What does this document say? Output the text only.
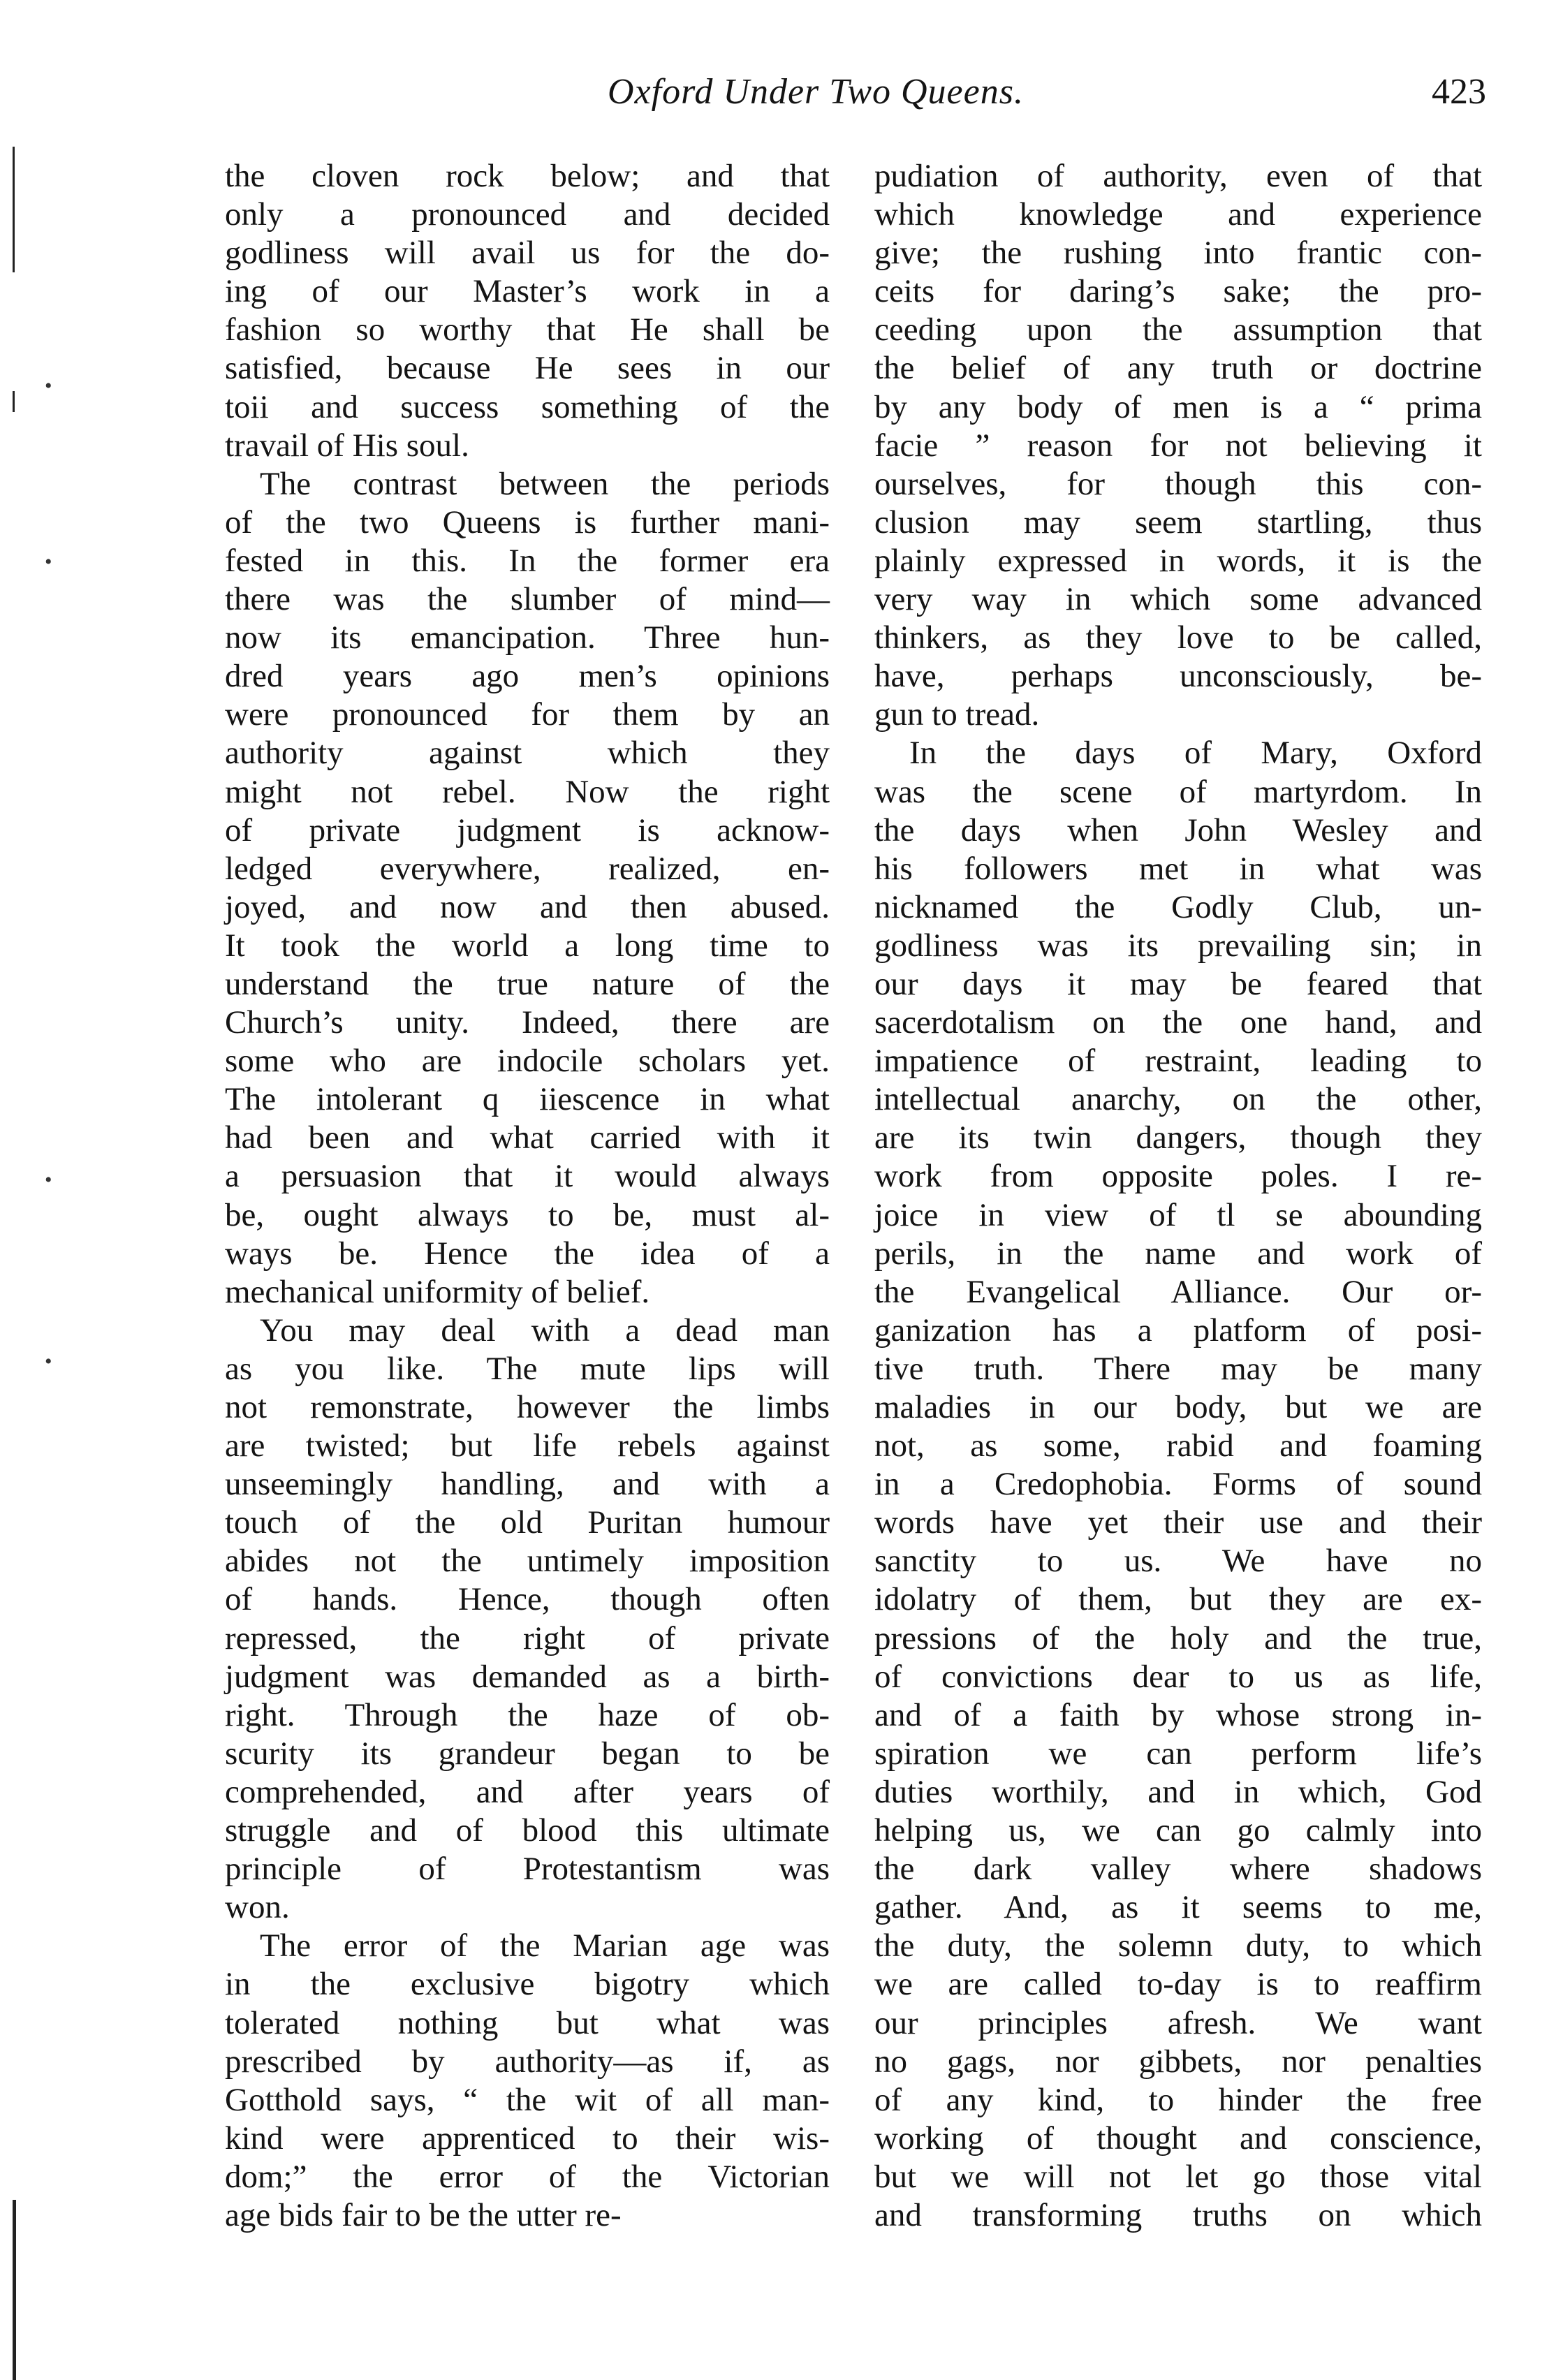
•
•
•
•
Oxford Under Two Queens.	423
the cloven rock below; and that
only a pronounced and decided
godliness will avail us for the do-
ing of our Master’s work in a
fashion so worthy that He shall be
satisfied, because He sees in our
toii and success something of the
travail of His soul.
The contrast between the periods
of the two Queens is further mani-
fested in this. In the former era
there was the slumber of mind—
now its emancipation. Three hun-
dred years ago men’s opinions
were pronounced for them by an
authority against which they
might not rebel. Now the right
of private judgment is acknow-
ledged everywhere, realized, en-
joyed, and now and then abused.
It took the world a long time to
understand the true nature of the
Church’s unity. Indeed, there are
some who are indocile scholars yet.
The intolerant q iiescence in what
had been and what carried with it
a persuasion that it would always
be, ought always to be, must al-
ways be. Hence the idea of a
mechanical uniformity of belief.
You may deal with a dead man
as you like. The mute lips will
not remonstrate, however the limbs
are twisted; but life rebels against
unseemingly handling, and with a
touch of the old Puritan humour
abides not the untimely imposition
of hands. Hence, though often
repressed, the right of private
judgment was demanded as a birth-
right. Through the haze of ob-
scurity its grandeur began to be
comprehended, and after years of
struggle and of blood this ultimate
principle of Protestantism was
won.
The error of the Marian age was
in the exclusive bigotry which
tolerated nothing but what was
prescribed by authority—as if, as
Gotthold says, “ the wit of all man-
kind were apprenticed to their wis-
dom;” the error of the Victorian
age bids fair to be the utter re-
pudiation of authority, even of that
which knowledge and experience
give; the rushing into frantic con-
ceits for daring’s sake; the pro-
ceeding upon the assumption that
the belief of any truth or doctrine
by any body of men is a “ prima
facie ” reason for not believing it
ourselves, for though this con-
clusion may seem startling, thus
plainly expressed in words, it is the
very way in which some advanced
thinkers, as they love to be called,
have, perhaps unconsciously, be-
gun to tread.
In the days of Mary, Oxford
was the scene of martyrdom. In
the days when John Wesley and
his followers met in what was
nicknamed the Godly Club, un-
godliness was its prevailing sin; in
our days it may be feared that
sacerdotalism on the one hand, and
impatience of restraint, leading to
intellectual anarchy, on the other,
are its twin dangers, though they
work from opposite poles. I re-
joice in view of tl se abounding
perils, in the name and work of
the Evangelical Alliance. Our or-
ganization has a platform of posi-
tive truth. There may be many
maladies in our body, but we are
not, as some, rabid and foaming
in a Credophobia. Forms of sound
words have yet their use and their
sanctity to us. We have no
idolatry of them, but they are ex-
pressions of the holy and the true,
of convictions dear to us as life,
and of a faith by whose strong in-
spiration we can perform life’s
duties worthily, and in which, God
helping us, we can go calmly into
the dark valley where shadows
gather. And, as it seems to me,
the duty, the solemn duty, to which
we are called to-day is to reaffirm
our principles afresh. We want
no gags, nor gibbets, nor penalties
of any kind, to hinder the free
working of thought and conscience,
but we will not let go those vital
and transforming truths on which
